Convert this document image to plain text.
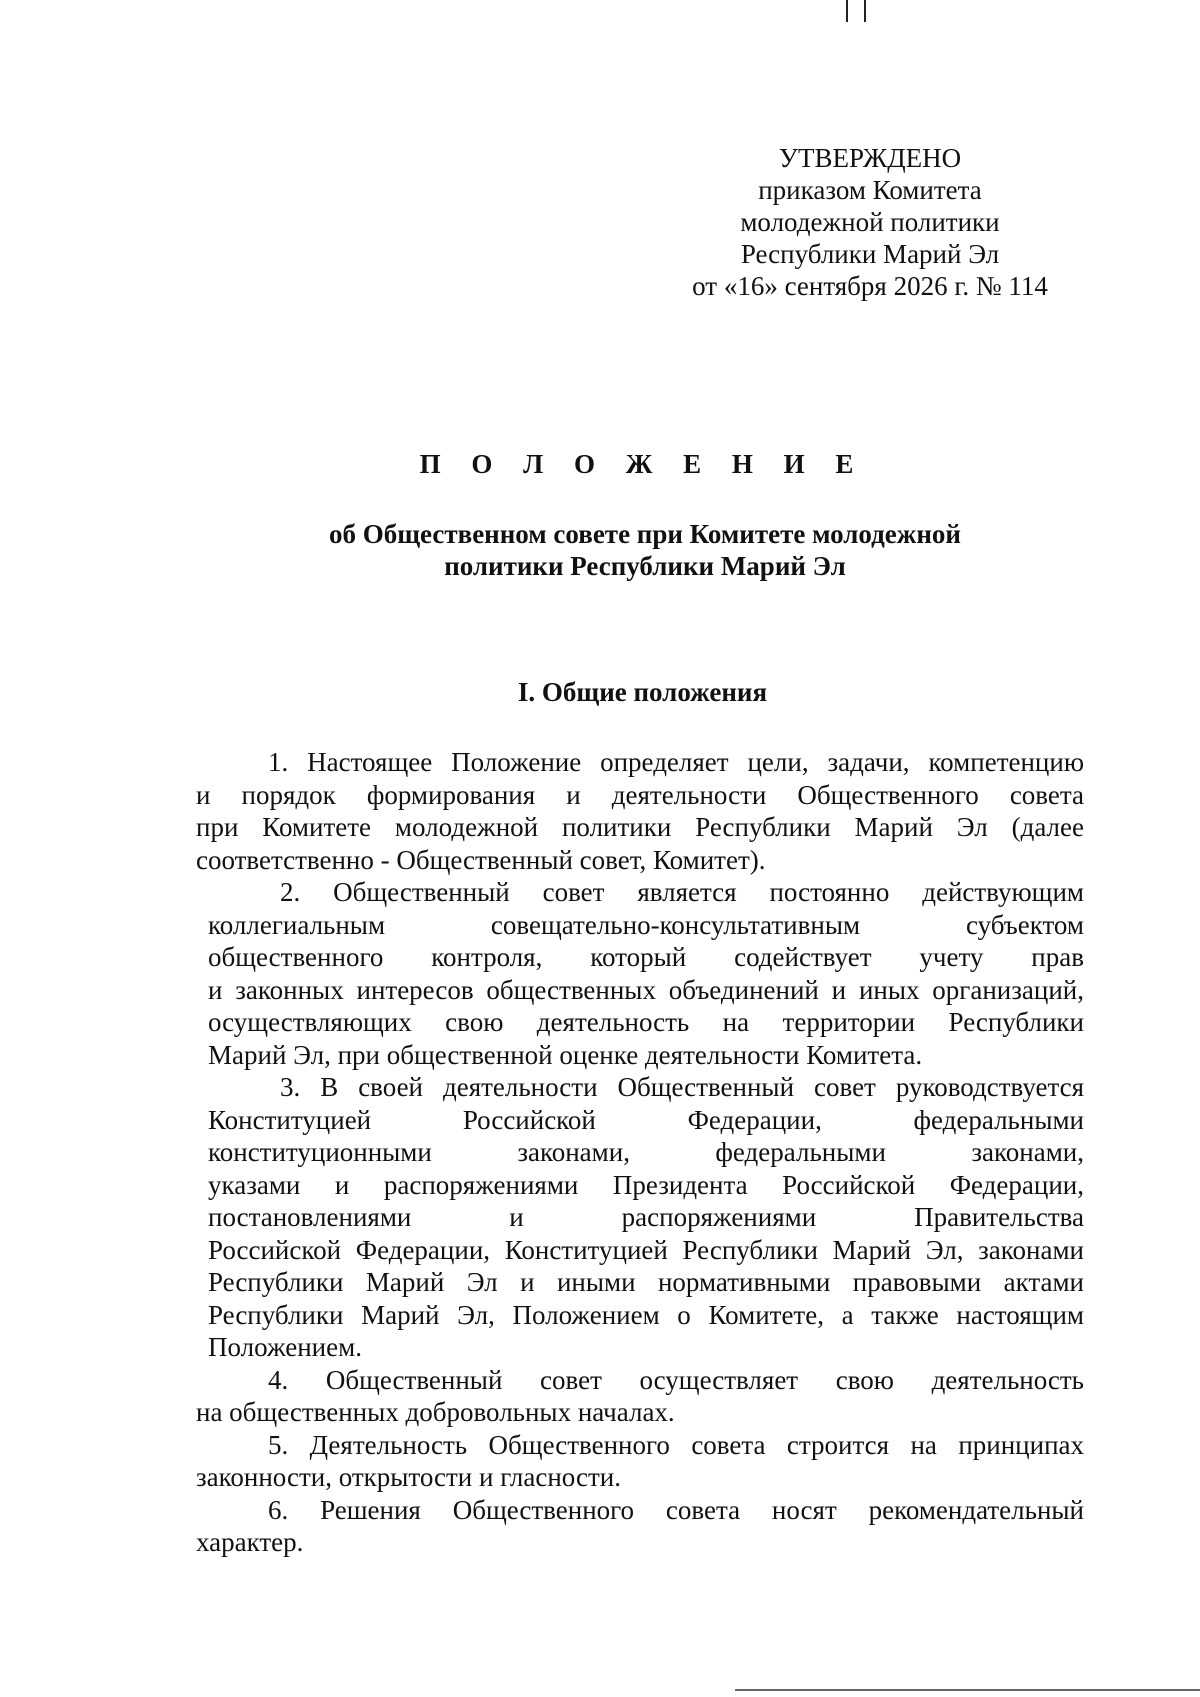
УТВЕРЖДЕНО
приказом Комитета
молодежной политики
Республики Марий Эл
от «16» сентября 2026 г. № 114
П О Л О Ж Е Н И Е
об Общественном совете при Комитете молодежной
политики Республики Марий Эл
I. Общие положения
1. Настоящее Положение определяет цели, задачи, компетенцию
и порядок формирования и деятельности Общественного совета
при Комитете молодежной политики Республики Марий Эл (далее
соответственно - Общественный совет, Комитет).
2. Общественный совет является постоянно действующим
коллегиальным совещательно-консультативным субъектом
общественного контроля, который содействует учету прав
и законных интересов общественных объединений и иных организаций,
осуществляющих свою деятельность на территории Республики
Марий Эл, при общественной оценке деятельности Комитета.
3. В своей деятельности Общественный совет руководствуется
Конституцией Российской Федерации, федеральными
конституционными законами, федеральными законами,
указами и распоряжениями Президента Российской Федерации,
постановлениями и распоряжениями Правительства
Российской Федерации, Конституцией Республики Марий Эл, законами
Республики Марий Эл и иными нормативными правовыми актами
Республики Марий Эл, Положением о Комитете, а также настоящим
Положением.
4. Общественный совет осуществляет свою деятельность
на общественных добровольных началах.
5. Деятельность Общественного совета строится на принципах
законности, открытости и гласности.
6. Решения Общественного совета носят рекомендательный
характер.
